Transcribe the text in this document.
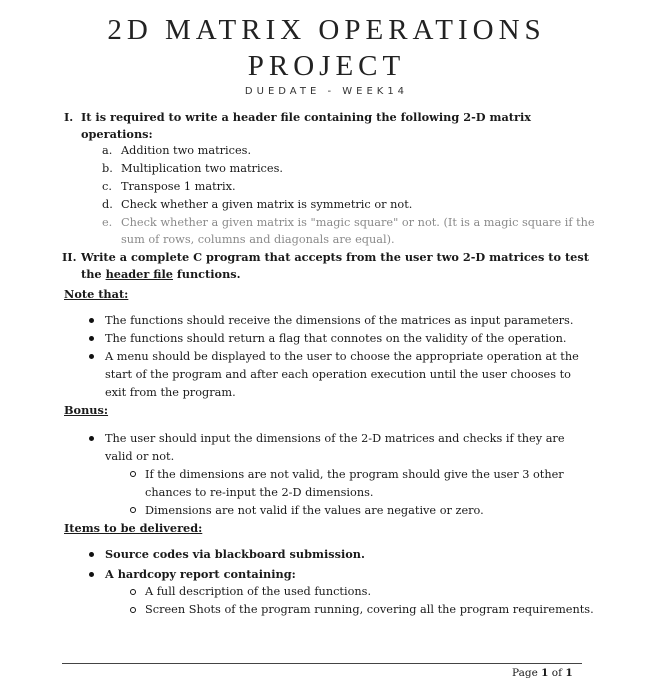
2D MATRIX OPERATIONS
PROJECT
DUEDATE - WEEK14
I. It is required to write a header file containing the following 2-D matrix
operations:
a. Addition two matrices.
b. Multiplication two matrices.
c. Transpose 1 matrix.
d. Check whether a given matrix is symmetric or not.
e. Check whether a given matrix is "magic square" or not. (It is a magic square if the
sum of rows, columns and diagonals are equal).
II. Write a complete C program that accepts from the user two 2-D matrices to test
the header file functions.
Note that:
The functions should receive the dimensions of the matrices as input parameters.
The functions should return a flag that connotes on the validity of the operation.
A menu should be displayed to the user to choose the appropriate operation at the
start of the program and after each operation execution until the user chooses to
exit from the program.
Bonus:
The user should input the dimensions of the 2-D matrices and checks if they are
valid or not.
If the dimensions are not valid, the program should give the user 3 other
chances to re-input the 2-D dimensions.
Dimensions are not valid if the values are negative or zero.
Items to be delivered:
Source codes via blackboard submission.
A hardcopy report containing:
A full description of the used functions.
Screen Shots of the program running, covering all the program requirements.
Page 1 of 1
